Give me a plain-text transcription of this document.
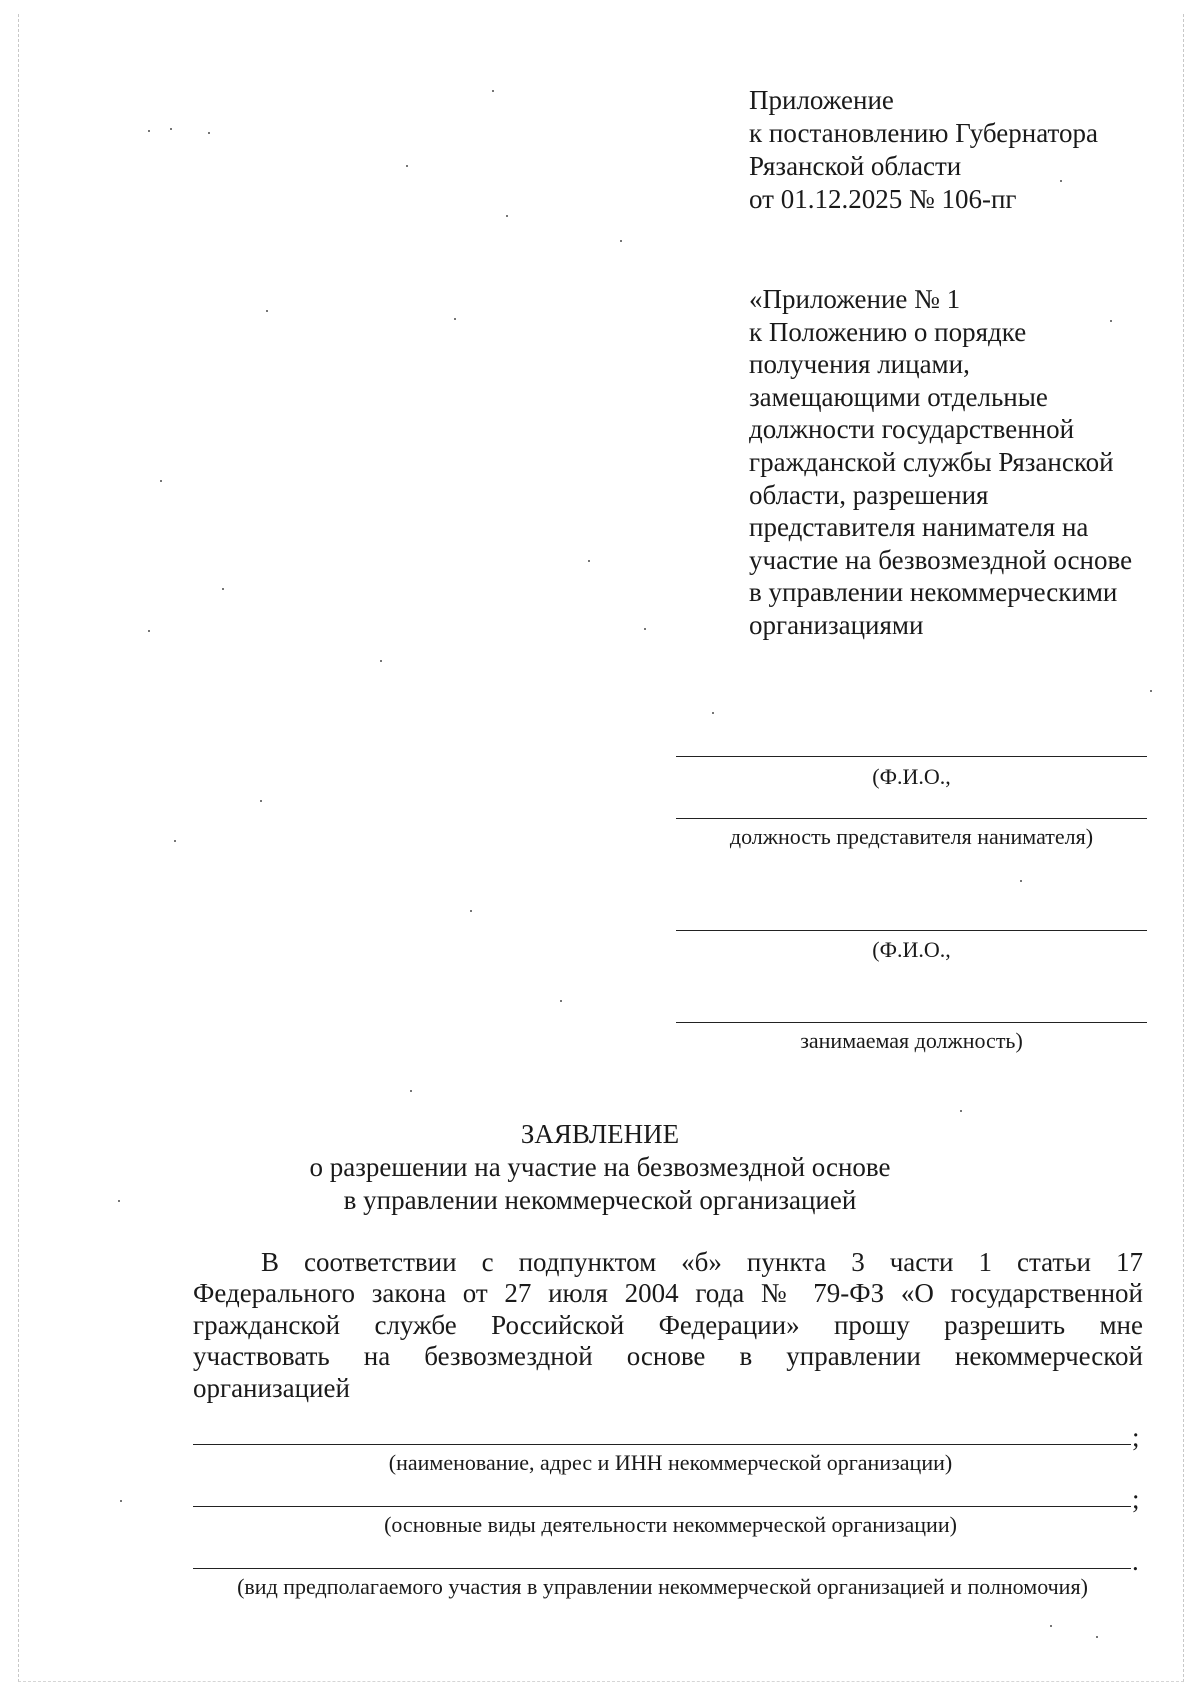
Приложение
к постановлению Губернатора
Рязанской области
от 01.12.2025 № 106-пг
«Приложение № 1
к Положению о порядке
получения лицами,
замещающими отдельные
должности государственной
гражданской службы Рязанской
области, разрешения
представителя нанимателя на
участие на безвозмездной основе
в управлении некоммерческими
организациями
(Ф.И.О.,
должность представителя нанимателя)
(Ф.И.О.,
занимаемая должность)
ЗАЯВЛЕНИЕ
о разрешении на участие на безвозмездной основе
в управлении некоммерческой организацией
В соответствии с подпунктом «б» пункта 3 части 1 статьи 17
Федерального закона от 27 июля 2004 года № 79-ФЗ «О государственной
гражданской службе Российской Федерации» прошу разрешить мне
участвовать на безвозмездной основе в управлении некоммерческой
организацией
;
(наименование, адрес и ИНН некоммерческой организации)
;
(основные виды деятельности некоммерческой организации)
.
(вид предполагаемого участия в управлении некоммерческой организацией и полномочия)
